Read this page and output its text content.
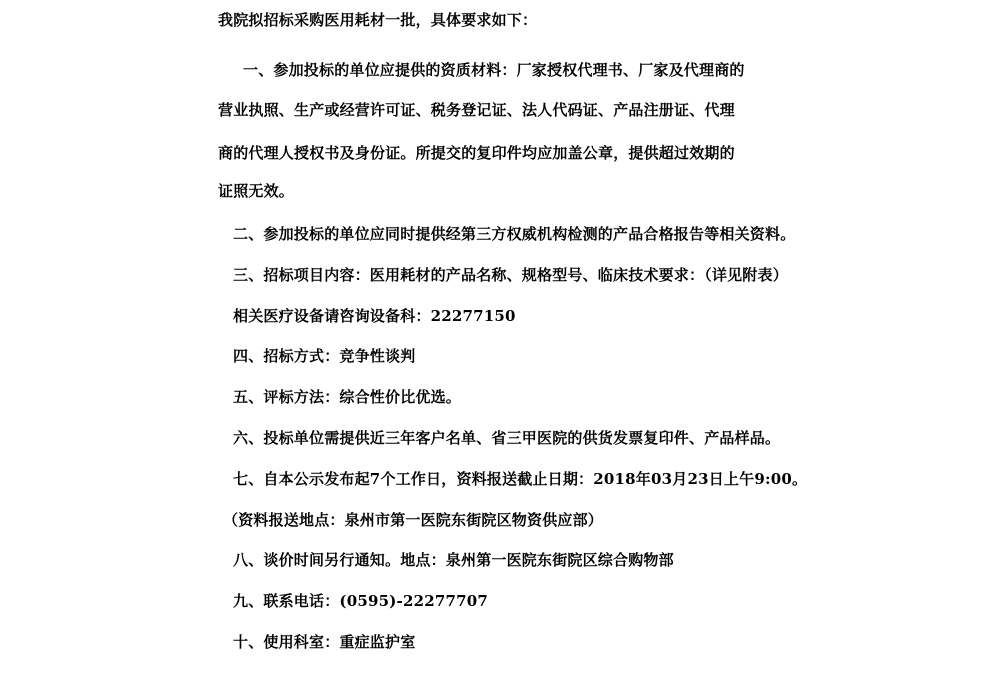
我院拟招标采购医用耗材一批，具体要求如下：
一、参加投标的单位应提供的资质材料：厂家授权代理书、厂家及代理商的
营业执照、生产或经营许可证、税务登记证、法人代码证、产品注册证、代理
商的代理人授权书及身份证。所提交的复印件均应加盖公章，提供超过效期的
证照无效。
二、参加投标的单位应同时提供经第三方权威机构检测的产品合格报告等相关资料。
三、招标项目内容：医用耗材的产品名称、规格型号、临床技术要求：（详见附表）
相关医疗设备请咨询设备科：22277150
四、招标方式：竞争性谈判
五、评标方法：综合性价比优选。
六、投标单位需提供近三年客户名单、省三甲医院的供货发票复印件、产品样品。
七、自本公示发布起7个工作日，资料报送截止日期：2018年03月23日上午9:00。
（资料报送地点：泉州市第一医院东街院区物资供应部）
八、谈价时间另行通知。地点：泉州第一医院东街院区综合购物部
九、联系电话：(0595)-22277707
十、使用科室：重症监护室
